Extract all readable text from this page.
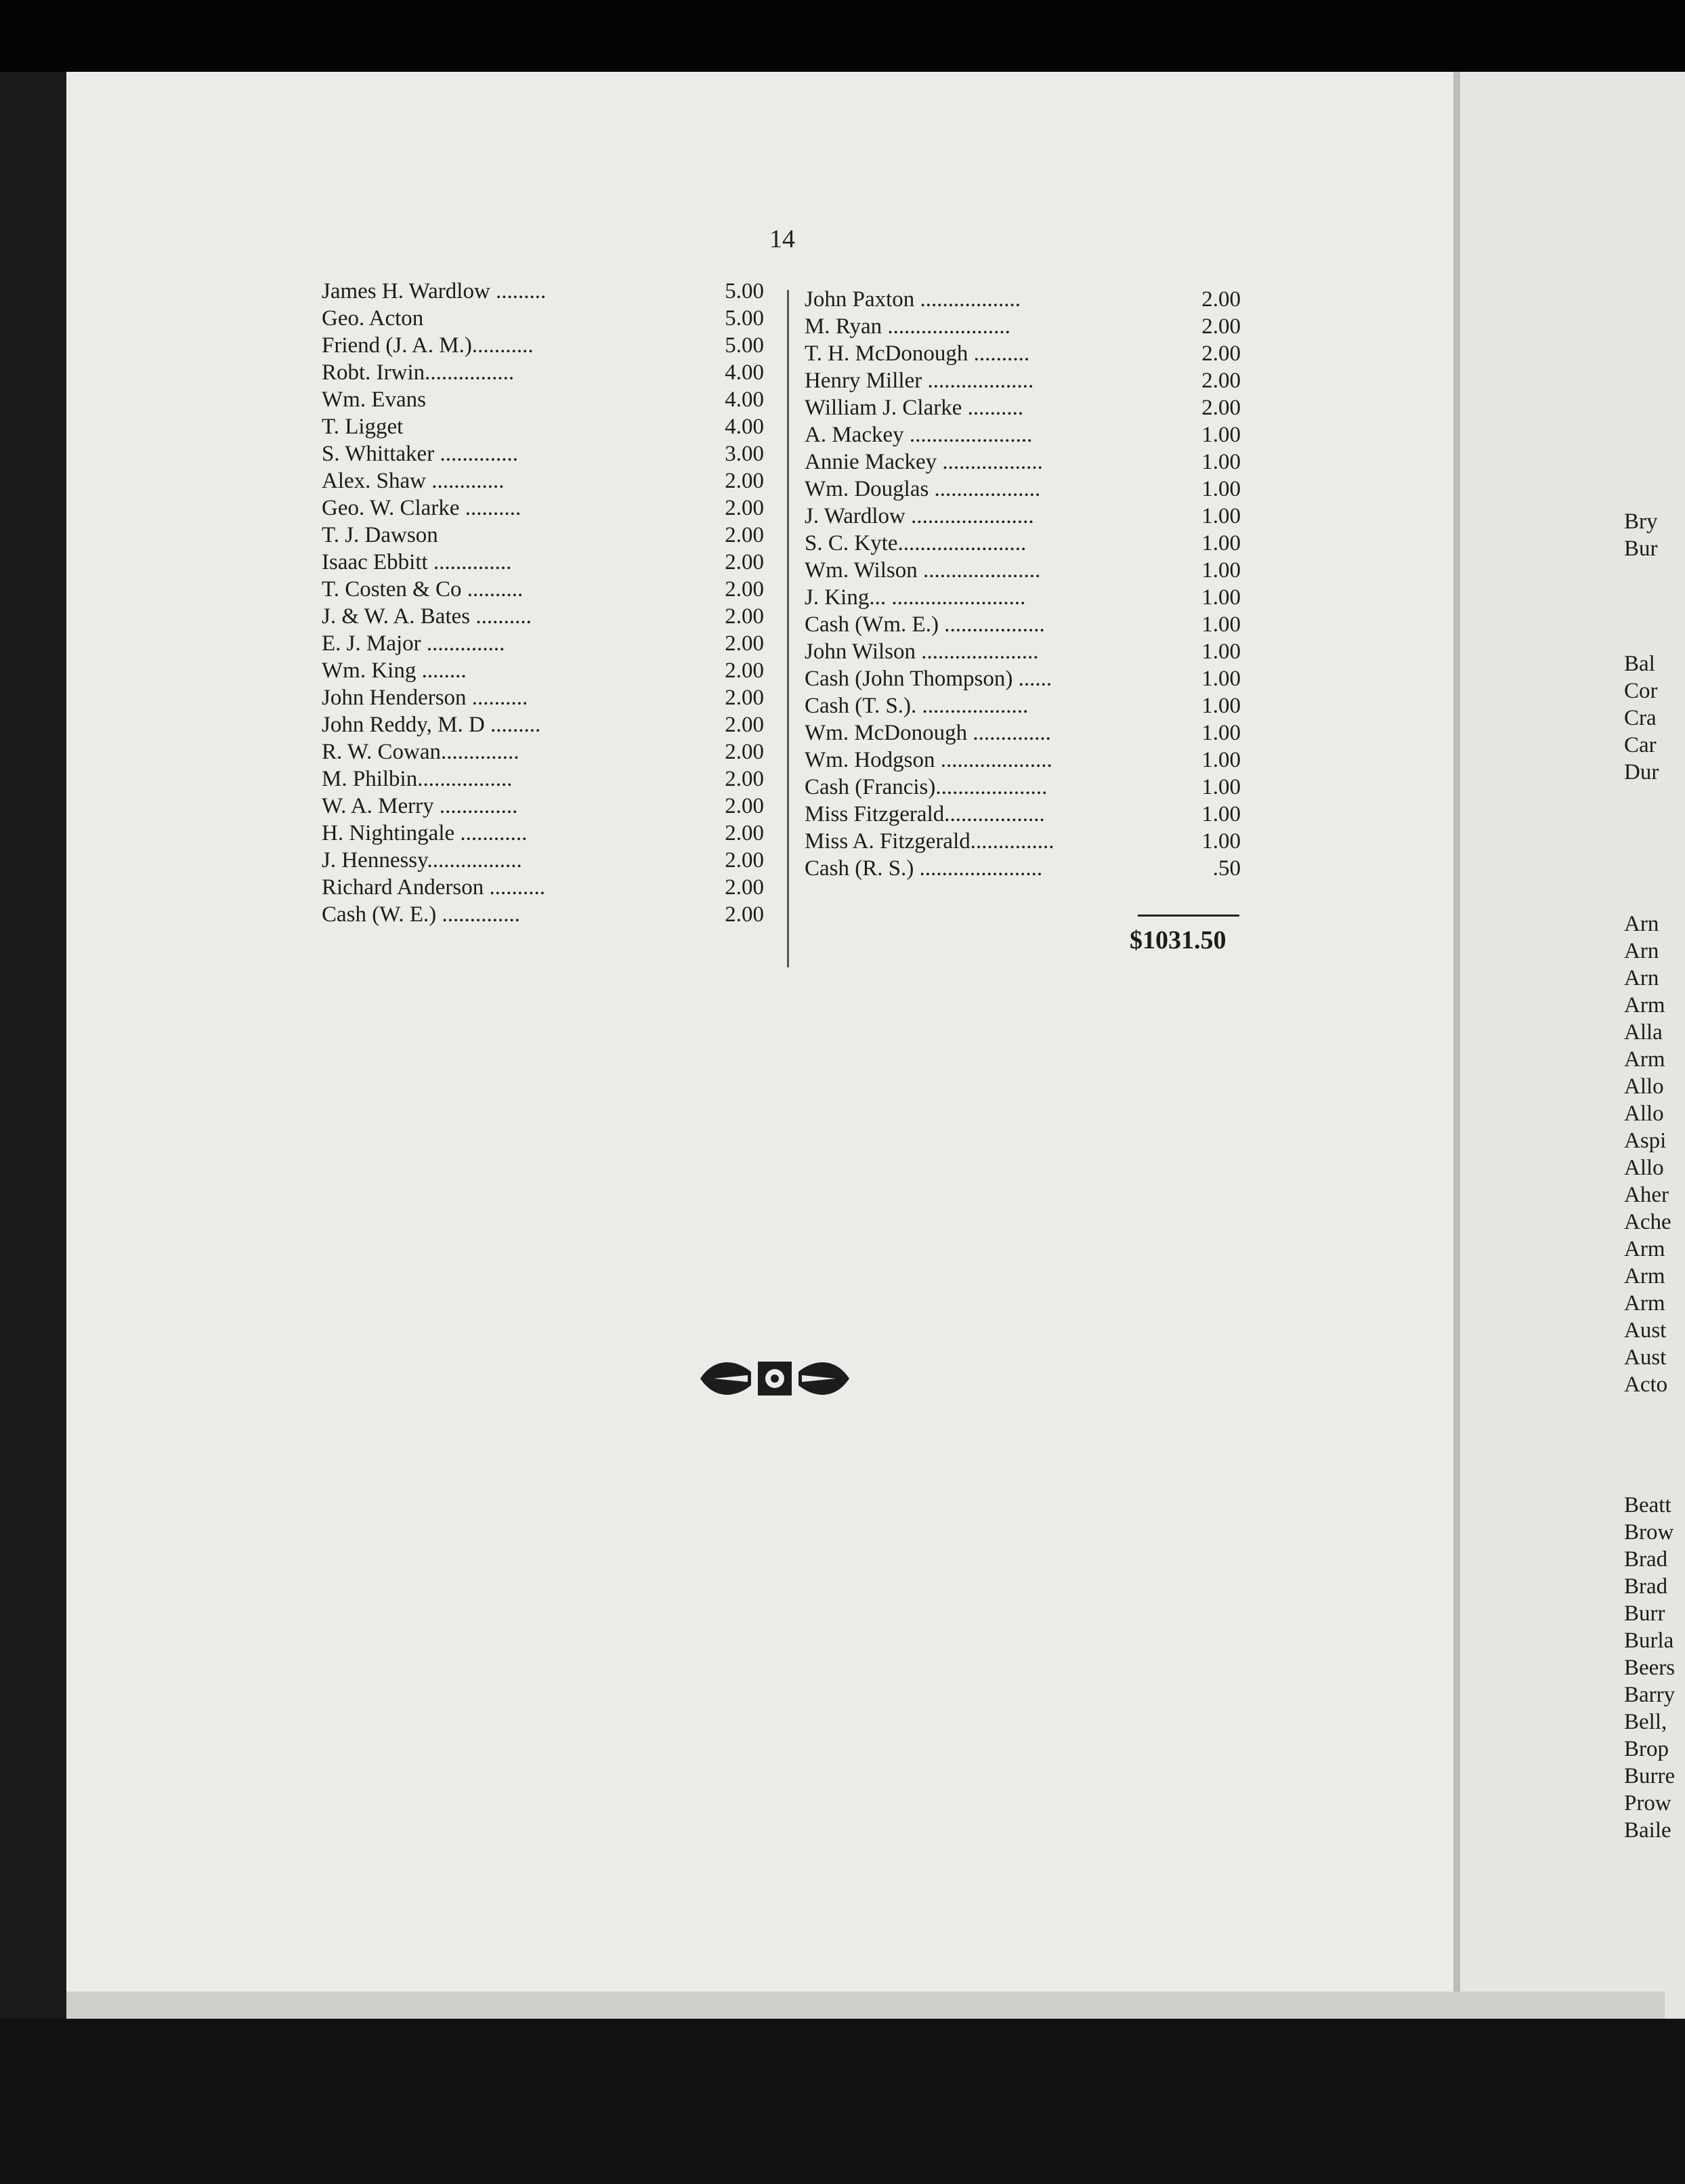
14
James H. Wardlow .........	5.00
Geo. Acton	5.00
Friend (J. A. M.)...........	5.00
Robt. Irwin................	4.00
Wm. Evans	4.00
T. Ligget	4.00
S. Whittaker ..............	3.00
Alex. Shaw .............	2.00
Geo. W. Clarke ..........	2.00
T. J. Dawson	2.00
Isaac Ebbitt ..............	2.00
T. Costen & Co ..........	2.00
J. & W. A. Bates ..........	2.00
E. J. Major ..............	2.00
Wm. King ........	2.00
John Henderson ..........	2.00
John Reddy, M. D .........	2.00
R. W. Cowan..............	2.00
M. Philbin.................	2.00
W. A. Merry ..............	2.00
H. Nightingale ............	2.00
J. Hennessy.................	2.00
Richard Anderson ..........	2.00
Cash (W. E.) ..............	2.00
John Paxton ..................	2.00
M. Ryan ......................	2.00
T. H. McDonough ..........	2.00
Henry Miller ...................	2.00
William J. Clarke ..........	2.00
A. Mackey ......................	1.00
Annie Mackey ..................	1.00
Wm. Douglas ...................	1.00
J. Wardlow ......................	1.00
S. C. Kyte.......................	1.00
Wm. Wilson .....................	1.00
J. King... ........................	1.00
Cash (Wm. E.) ..................	1.00
John Wilson .....................	1.00
Cash (John Thompson) ......	1.00
Cash (T. S.). ...................	1.00
Wm. McDonough ..............	1.00
Wm. Hodgson ....................	1.00
Cash (Francis)....................	1.00
Miss Fitzgerald..................	1.00
Miss A. Fitzgerald...............	1.00
Cash (R. S.) ......................	.50
$1031.50
Bry
Bur
Bal
Cor
Cra
Car
Dur
Arn
Arn
Arn
Arm
Alla
Arm
Allo
Allo
Aspi
Allo
Aher
Ache
Arm
Arm
Arm
Aust
Aust
Acto
Beatt
Brow
Brad
Brad
Burr
Burla
Beers
Barry
Bell,
Brop
Burre
Prow
Baile
